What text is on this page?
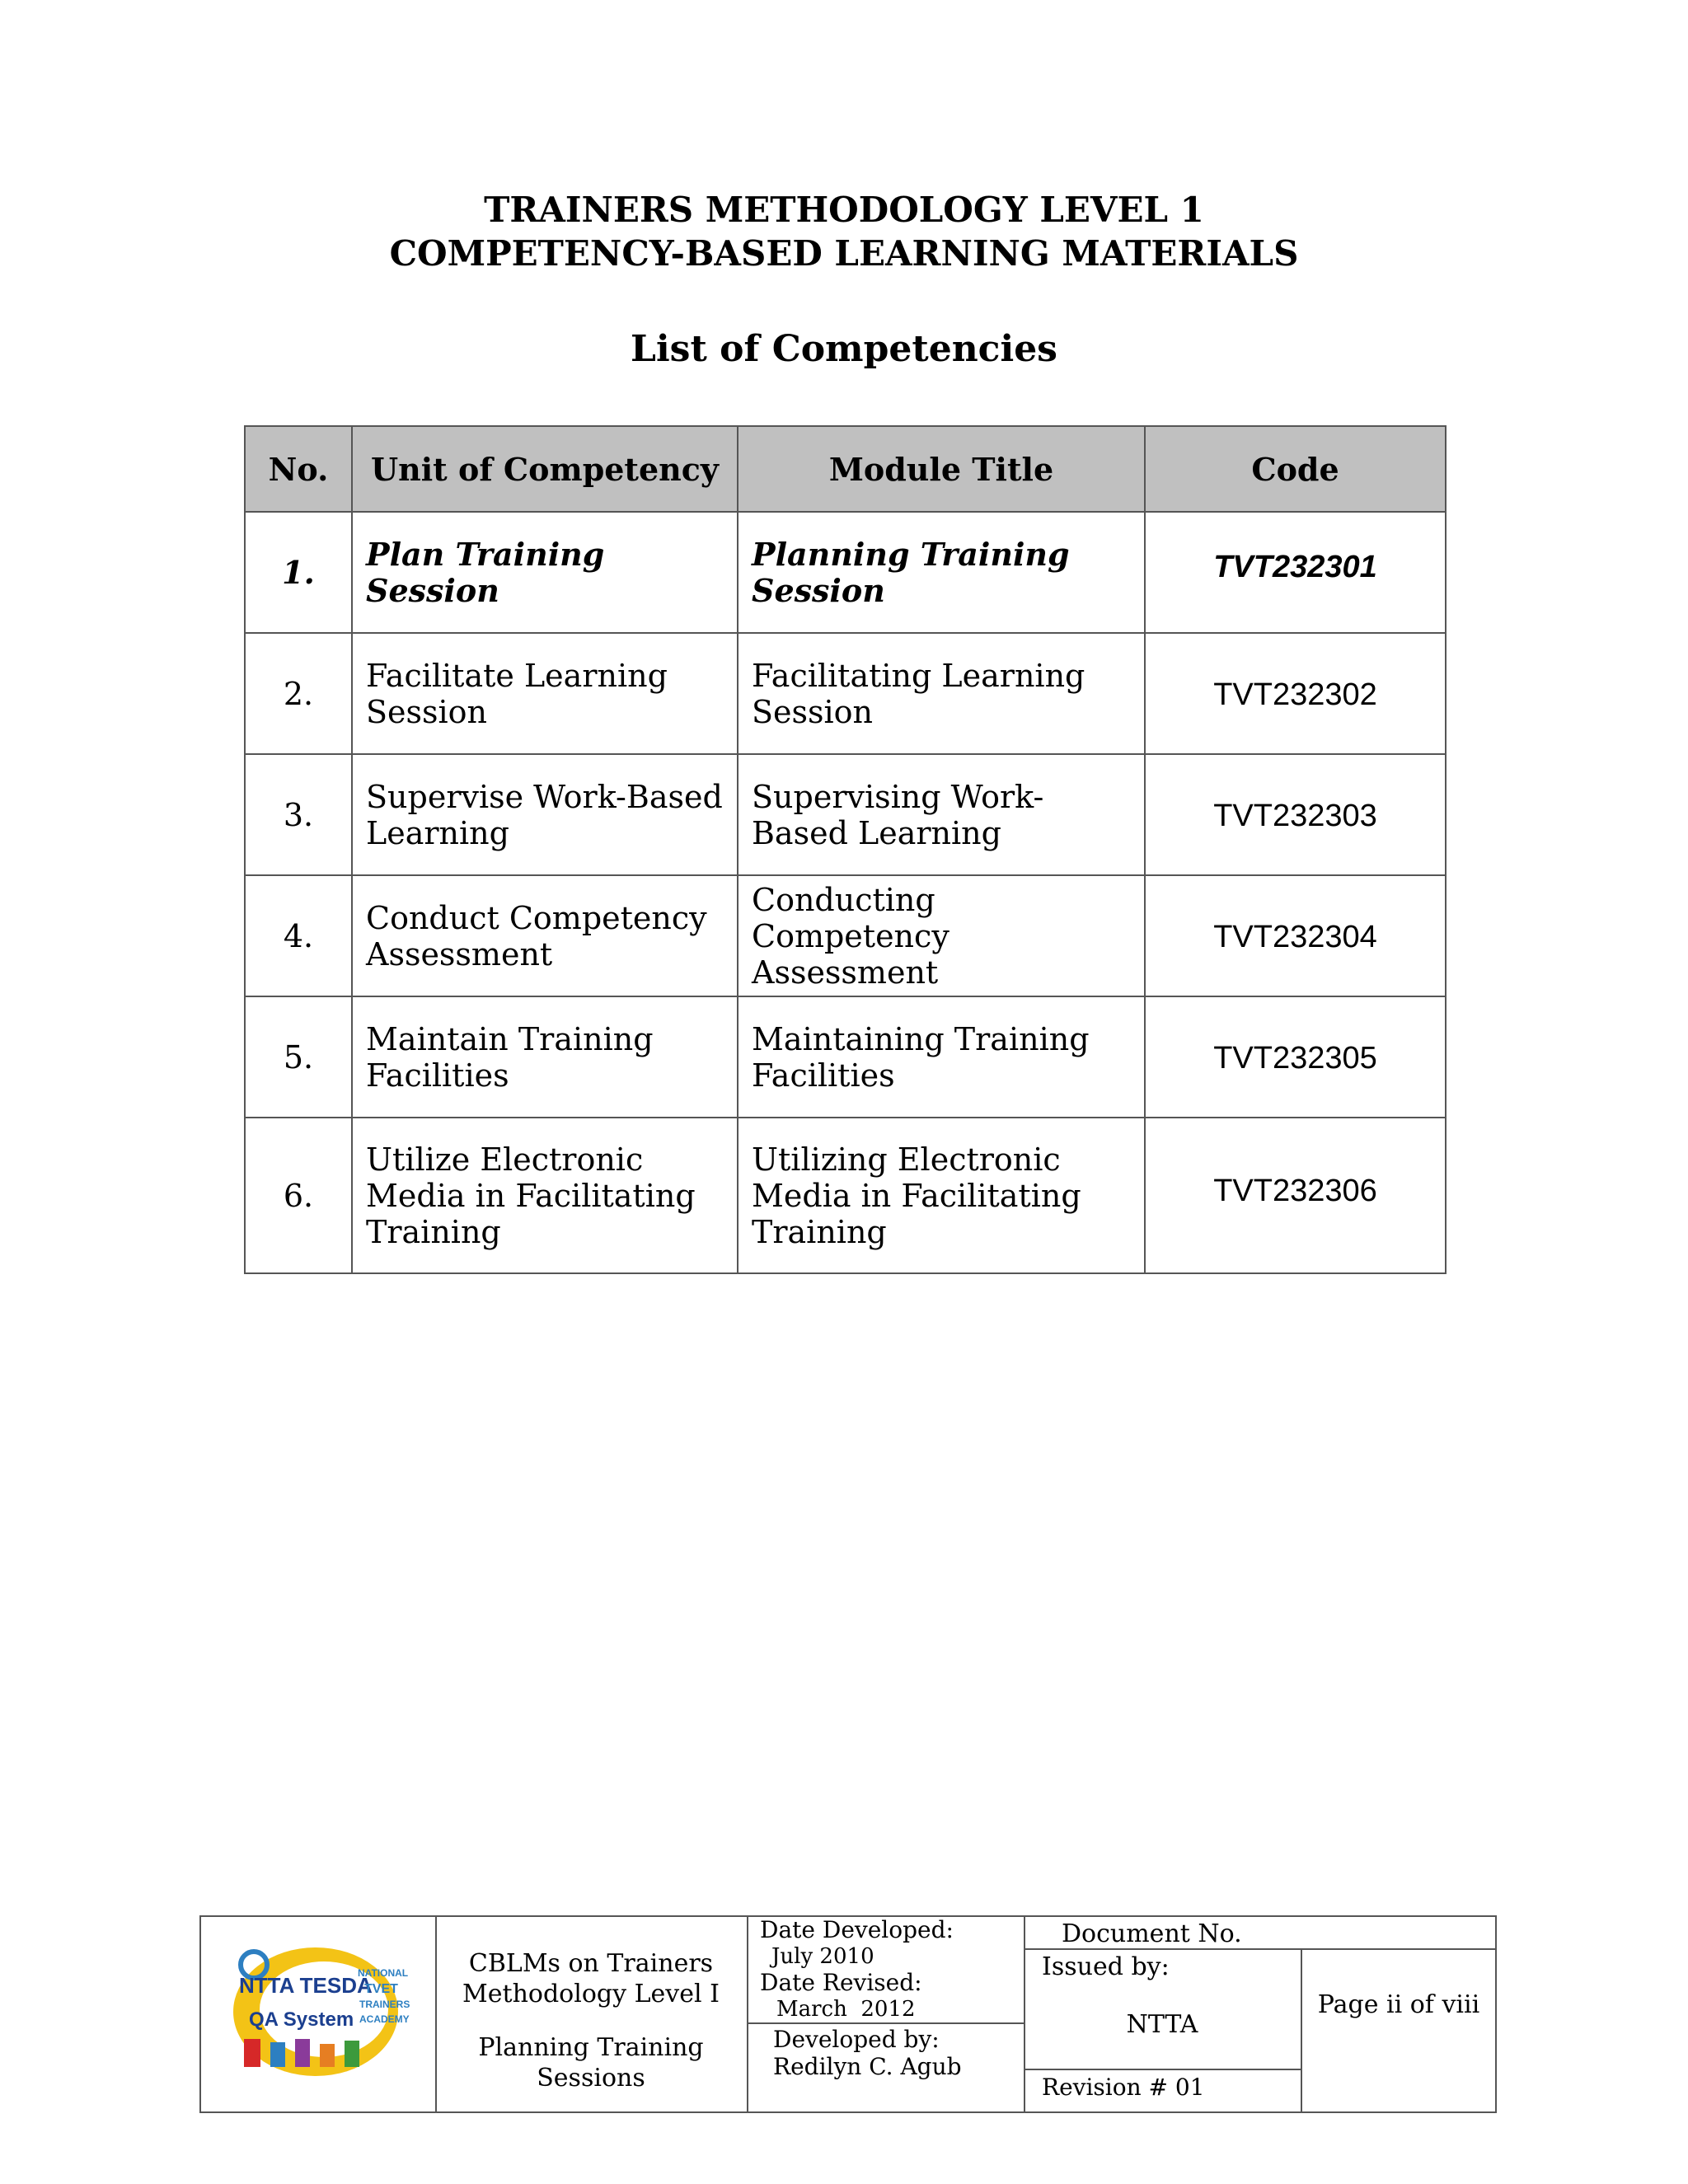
TRAINERS METHODOLOGY LEVEL 1
COMPETENCY-BASED LEARNING MATERIALS
List of Competencies
No.	Unit of Competency	Module Title	Code
1.	Plan Training Session	Planning Training Session	TVT232301
2.	Facilitate Learning Session	Facilitating Learning Session	TVT232302
3.	Supervise Work-Based Learning	Supervising Work-Based Learning	TVT232303
4.	Conduct Competency Assessment	Conducting Competency Assessment	TVT232304
5.	Maintain Training Facilities	Maintaining Training Facilities	TVT232305
6.	Utilize Electronic Media in Facilitating Training	Utilizing Electronic Media in Facilitating Training	TVT232306
NTTA TESDA
QA System
NATIONAL
TVET
TRAINERS
ACADEMY
CBLMs on Trainers
Methodology Level I
Planning Training
Sessions
Date Developed:
July 2010
Date Revised:
March  2012
Developed by:
Redilyn C. Agub
Document No.
Issued by:
NTTA
Revision # 01
Page ii of viii
